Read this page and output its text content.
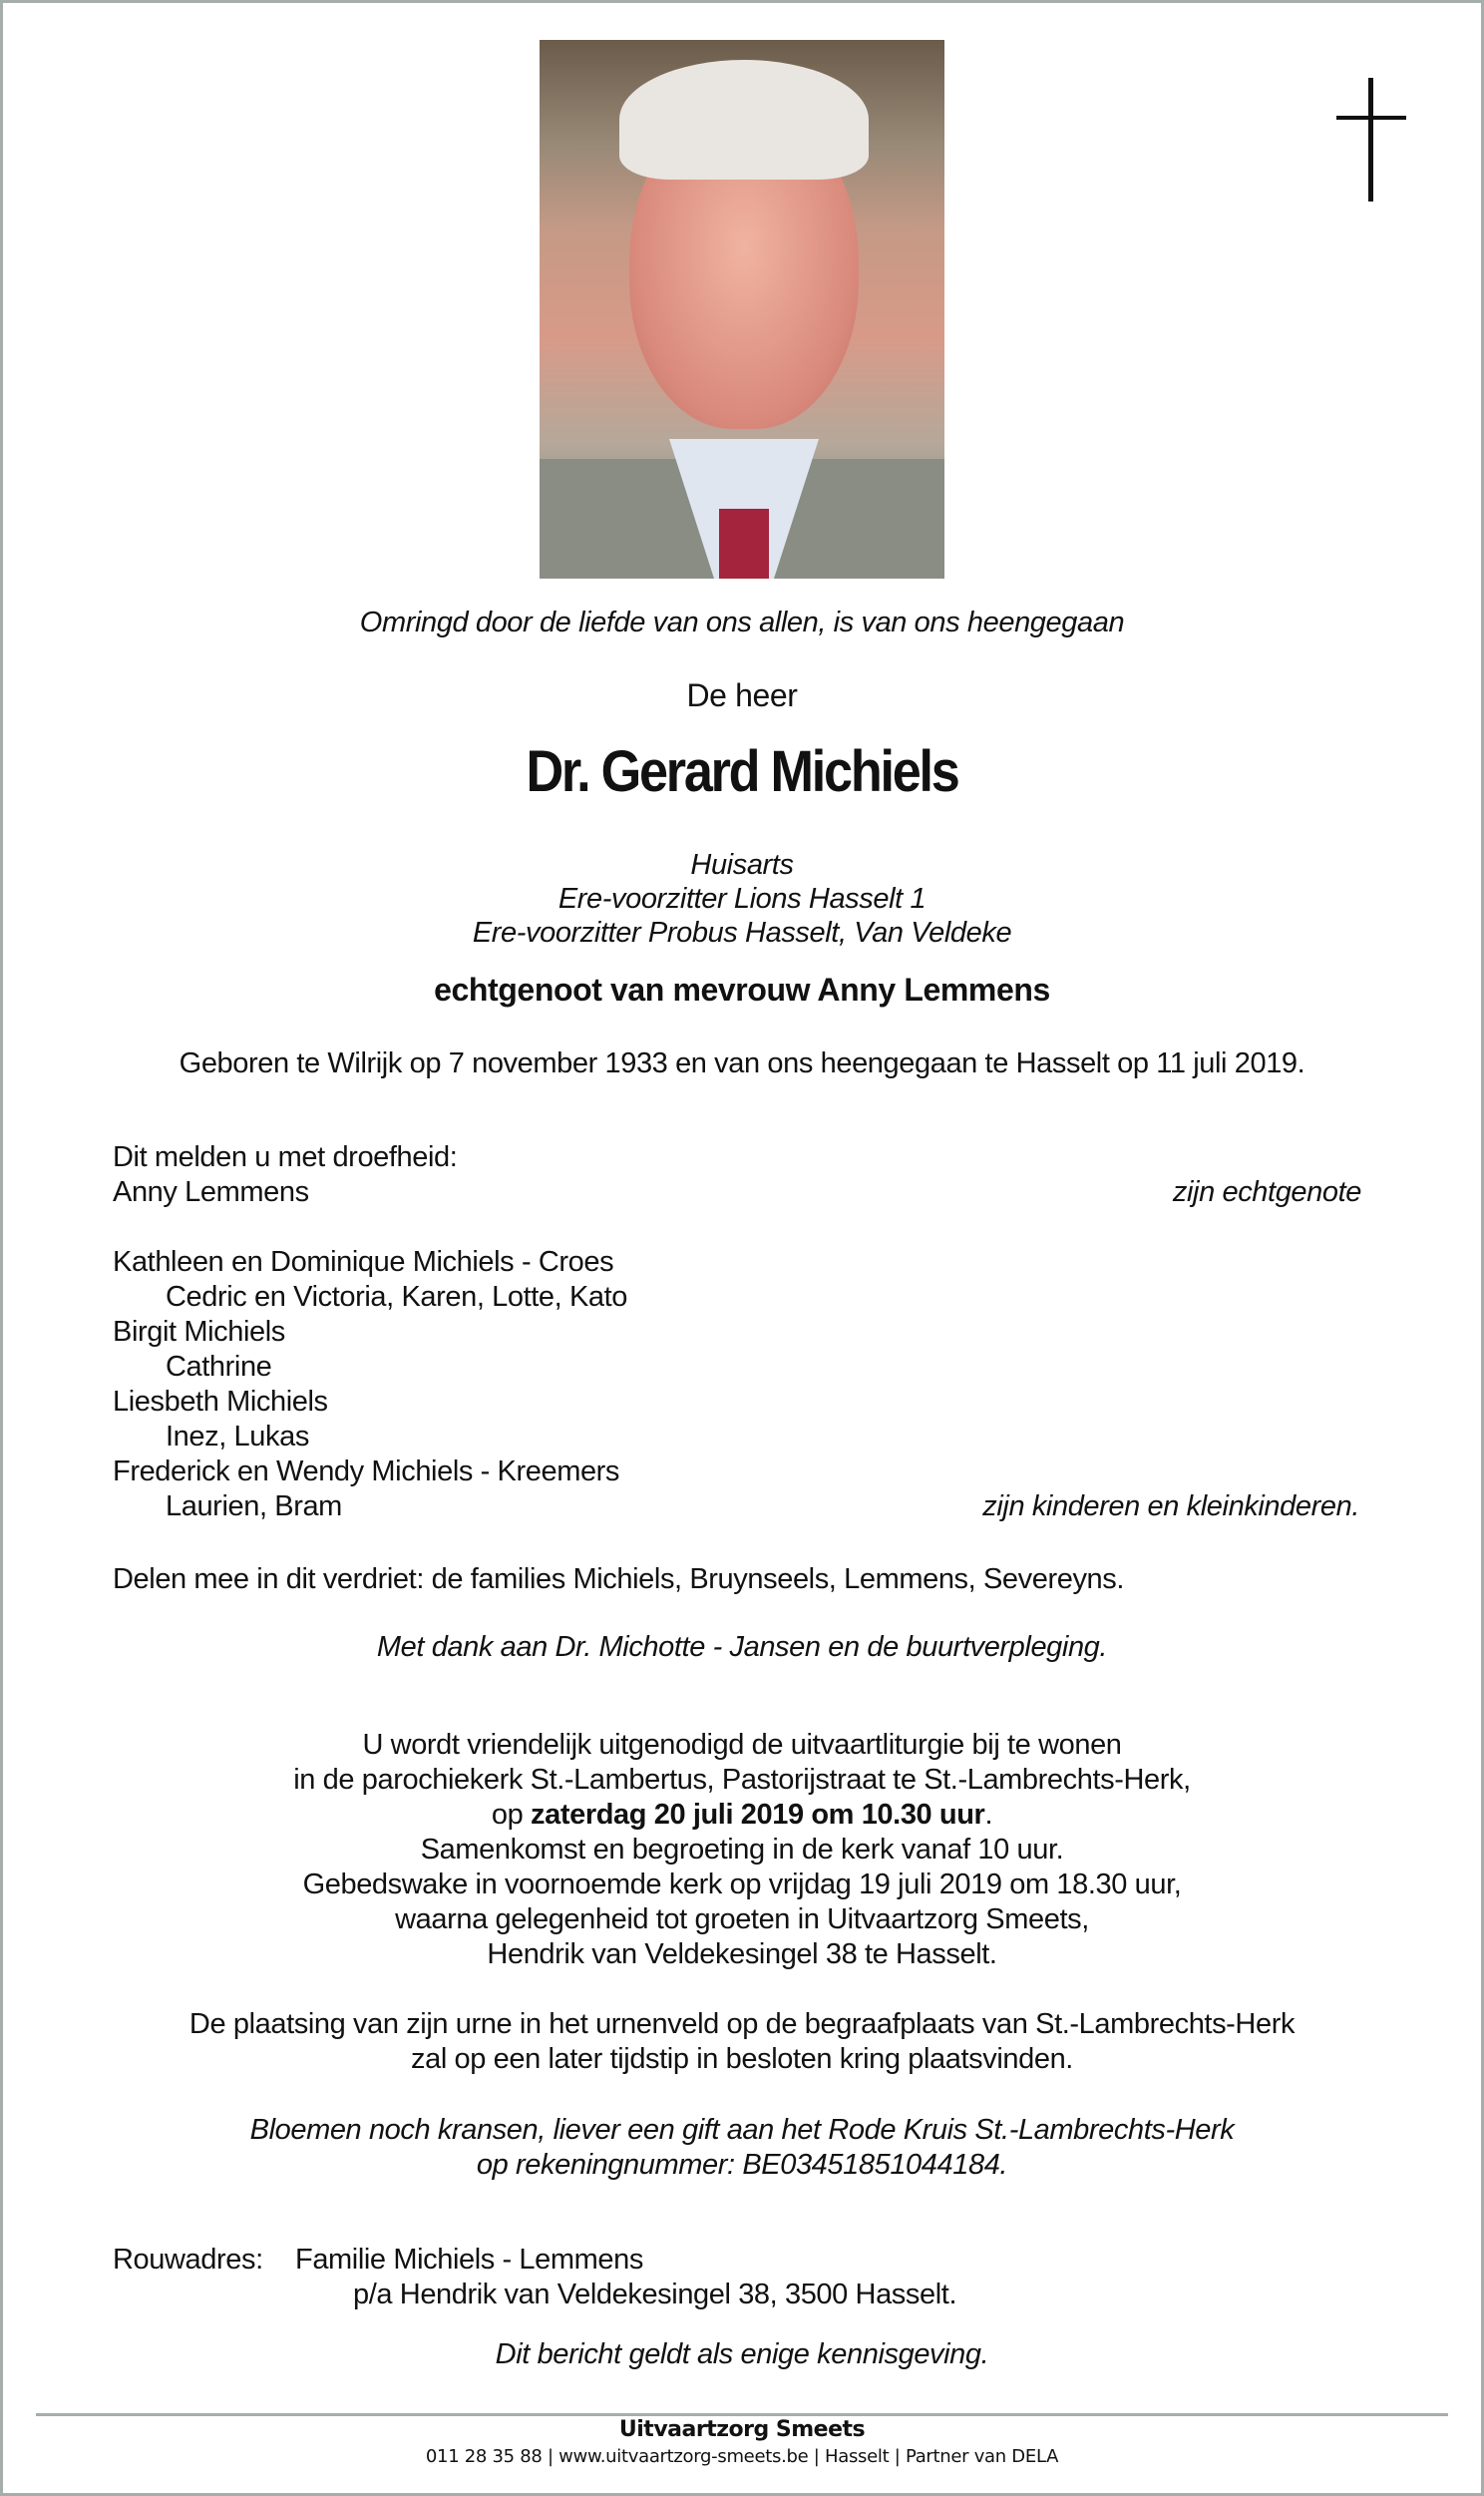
Omringd door de liefde van ons allen, is van ons heengegaan
De heer
Dr. Gerard Michiels
Huisarts
Ere-voorzitter Lions Hasselt 1
Ere-voorzitter Probus Hasselt, Van Veldeke
echtgenoot van mevrouw Anny Lemmens
Geboren te Wilrijk op 7 november 1933 en van ons heengegaan te Hasselt op 11 juli 2019.
Dit melden u met droefheid:
Anny Lemmens	zijn echtgenote
Kathleen en Dominique Michiels - Croes
Cedric en Victoria, Karen, Lotte, Kato
Birgit Michiels
Cathrine
Liesbeth Michiels
Inez, Lukas
Frederick en Wendy Michiels - Kreemers
Laurien, Bram	zijn kinderen en kleinkinderen.
Delen mee in dit verdriet: de families Michiels, Bruynseels, Lemmens, Severeyns.
Met dank aan Dr. Michotte - Jansen en de buurtverpleging.
U wordt vriendelijk uitgenodigd de uitvaartliturgie bij te wonen
in de parochiekerk St.-Lambertus, Pastorijstraat te St.-Lambrechts-Herk,
op zaterdag 20 juli 2019 om 10.30 uur.
Samenkomst en begroeting in de kerk vanaf 10 uur.
Gebedswake in voornoemde kerk op vrijdag 19 juli 2019 om 18.30 uur,
waarna gelegenheid tot groeten in Uitvaartzorg Smeets,
Hendrik van Veldekesingel 38 te Hasselt.
De plaatsing van zijn urne in het urnenveld op de begraafplaats van St.-Lambrechts-Herk
zal op een later tijdstip in besloten kring plaatsvinden.
Bloemen noch kransen, liever een gift aan het Rode Kruis St.-Lambrechts-Herk
op rekeningnummer: BE03451851044184.
Rouwadres: Familie Michiels - Lemmens
p/a Hendrik van Veldekesingel 38, 3500 Hasselt.
Dit bericht geldt als enige kennisgeving.
Uitvaartzorg Smeets
011 28 35 88 | www.uitvaartzorg-smeets.be | Hasselt | Partner van DELA
